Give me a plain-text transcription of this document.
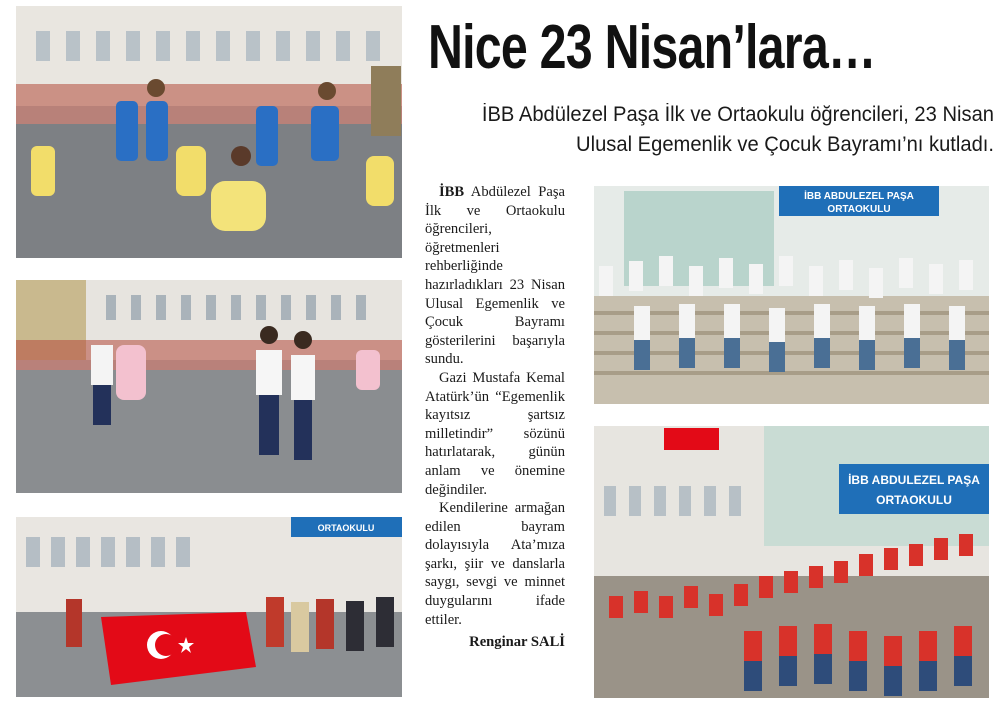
ORTAOKULU
İBB ABDULEZEL PAŞA
ORTAOKULU
İBB ABDULEZEL PAŞA
ORTAOKULU
Nice 23 Nisan’lara…
İBB Abdülezel Paşa İlk ve Ortaokulu öğrencileri, 23 Nisan Ulusal Egemenlik ve Çocuk Bayramı’nı kutladı.

İBB Abdülezel Paşa İlk ve Ortaokulu öğrencileri, öğretmenleri rehberliğinde hazırladıkları 23 Nisan Ulusal Egemenlik ve Çocuk Bayramı gösterilerini başarıyla sundu.

Gazi Mustafa Kemal Atatürk’ün “Egemenlik kayıtsız şartsız milletindir” sözünü hatırlatarak, günün anlam ve önemine değindiler.

Kendilerine armağan edilen bayram dolayısıyla Ata’mıza şarkı, şiir ve danslarla saygı, sevgi ve minnet duygularını ifade ettiler.

Renginar SALİ
